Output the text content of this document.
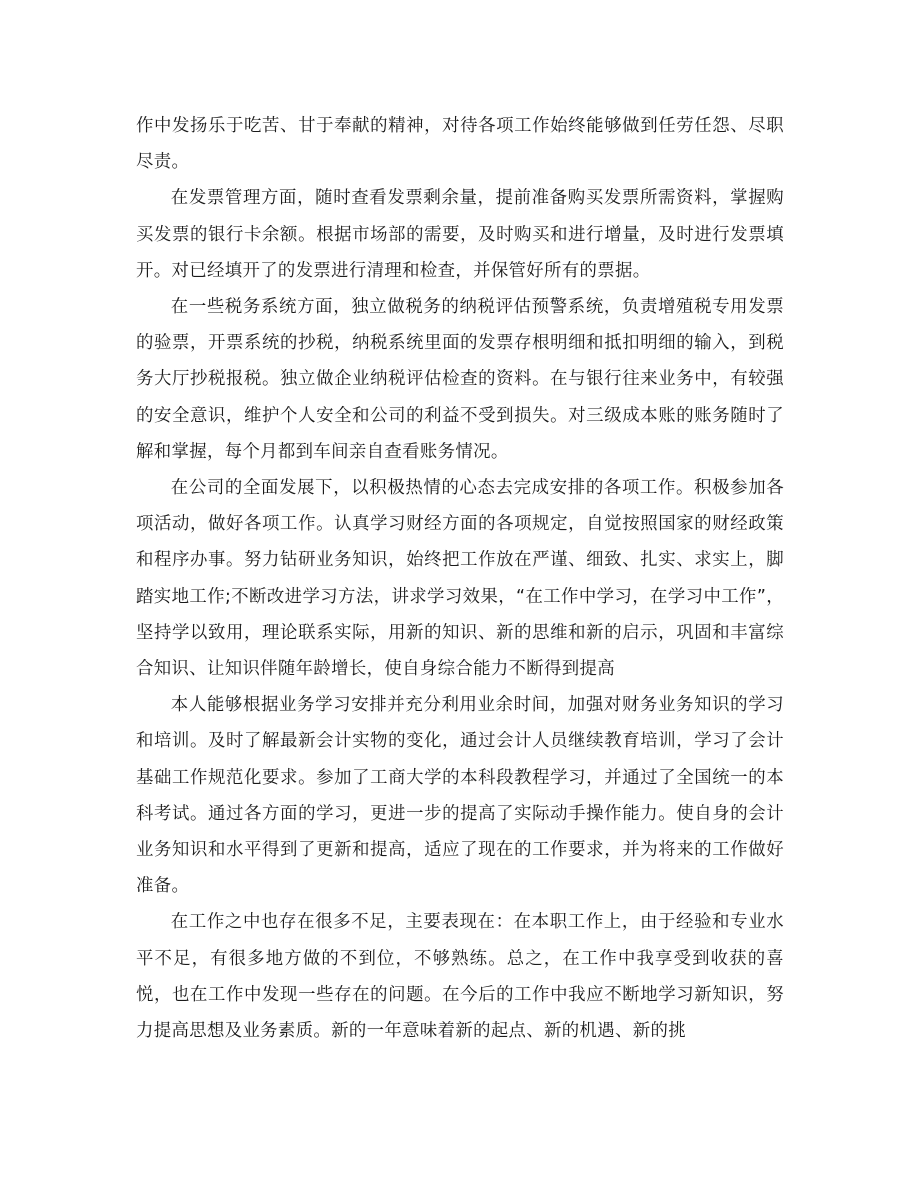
作中发扬乐于吃苦、甘于奉献的精神，对待各项工作始终能够做到任劳任怨、尽职尽责。

在发票管理方面，随时查看发票剩余量，提前准备购买发票所需资料，掌握购买发票的银行卡余额。根据市场部的需要，及时购买和进行增量，及时进行发票填开。对已经填开了的发票进行清理和检查，并保管好所有的票据。

在一些税务系统方面，独立做税务的纳税评估预警系统，负责增殖税专用发票的验票，开票系统的抄税，纳税系统里面的发票存根明细和抵扣明细的输入，到税务大厅抄税报税。独立做企业纳税评估检查的资料。在与银行往来业务中，有较强的安全意识，维护个人安全和公司的利益不受到损失。对三级成本账的账务随时了解和掌握，每个月都到车间亲自查看账务情况。

在公司的全面发展下，以积极热情的心态去完成安排的各项工作。积极参加各项活动，做好各项工作。认真学习财经方面的各项规定，自觉按照国家的财经政策和程序办事。努力钻研业务知识，始终把工作放在严谨、细致、扎实、求实上，脚踏实地工作;不断改进学习方法，讲求学习效果，“在工作中学习，在学习中工作”，坚持学以致用，理论联系实际，用新的知识、新的思维和新的启示，巩固和丰富综合知识、让知识伴随年龄增长，使自身综合能力不断得到提高

本人能够根据业务学习安排并充分利用业余时间，加强对财务业务知识的学习和培训。及时了解最新会计实物的变化，通过会计人员继续教育培训，学习了会计基础工作规范化要求。参加了工商大学的本科段教程学习，并通过了全国统一的本科考试。通过各方面的学习，更进一步的提高了实际动手操作能力。使自身的会计业务知识和水平得到了更新和提高，适应了现在的工作要求，并为将来的工作做好准备。

在工作之中也存在很多不足，主要表现在：在本职工作上，由于经验和专业水平不足，有很多地方做的不到位，不够熟练。总之，在工作中我享受到收获的喜悦，也在工作中发现一些存在的问题。在今后的工作中我应不断地学习新知识，努力提高思想及业务素质。新的一年意味着新的起点、新的机遇、新的挑
